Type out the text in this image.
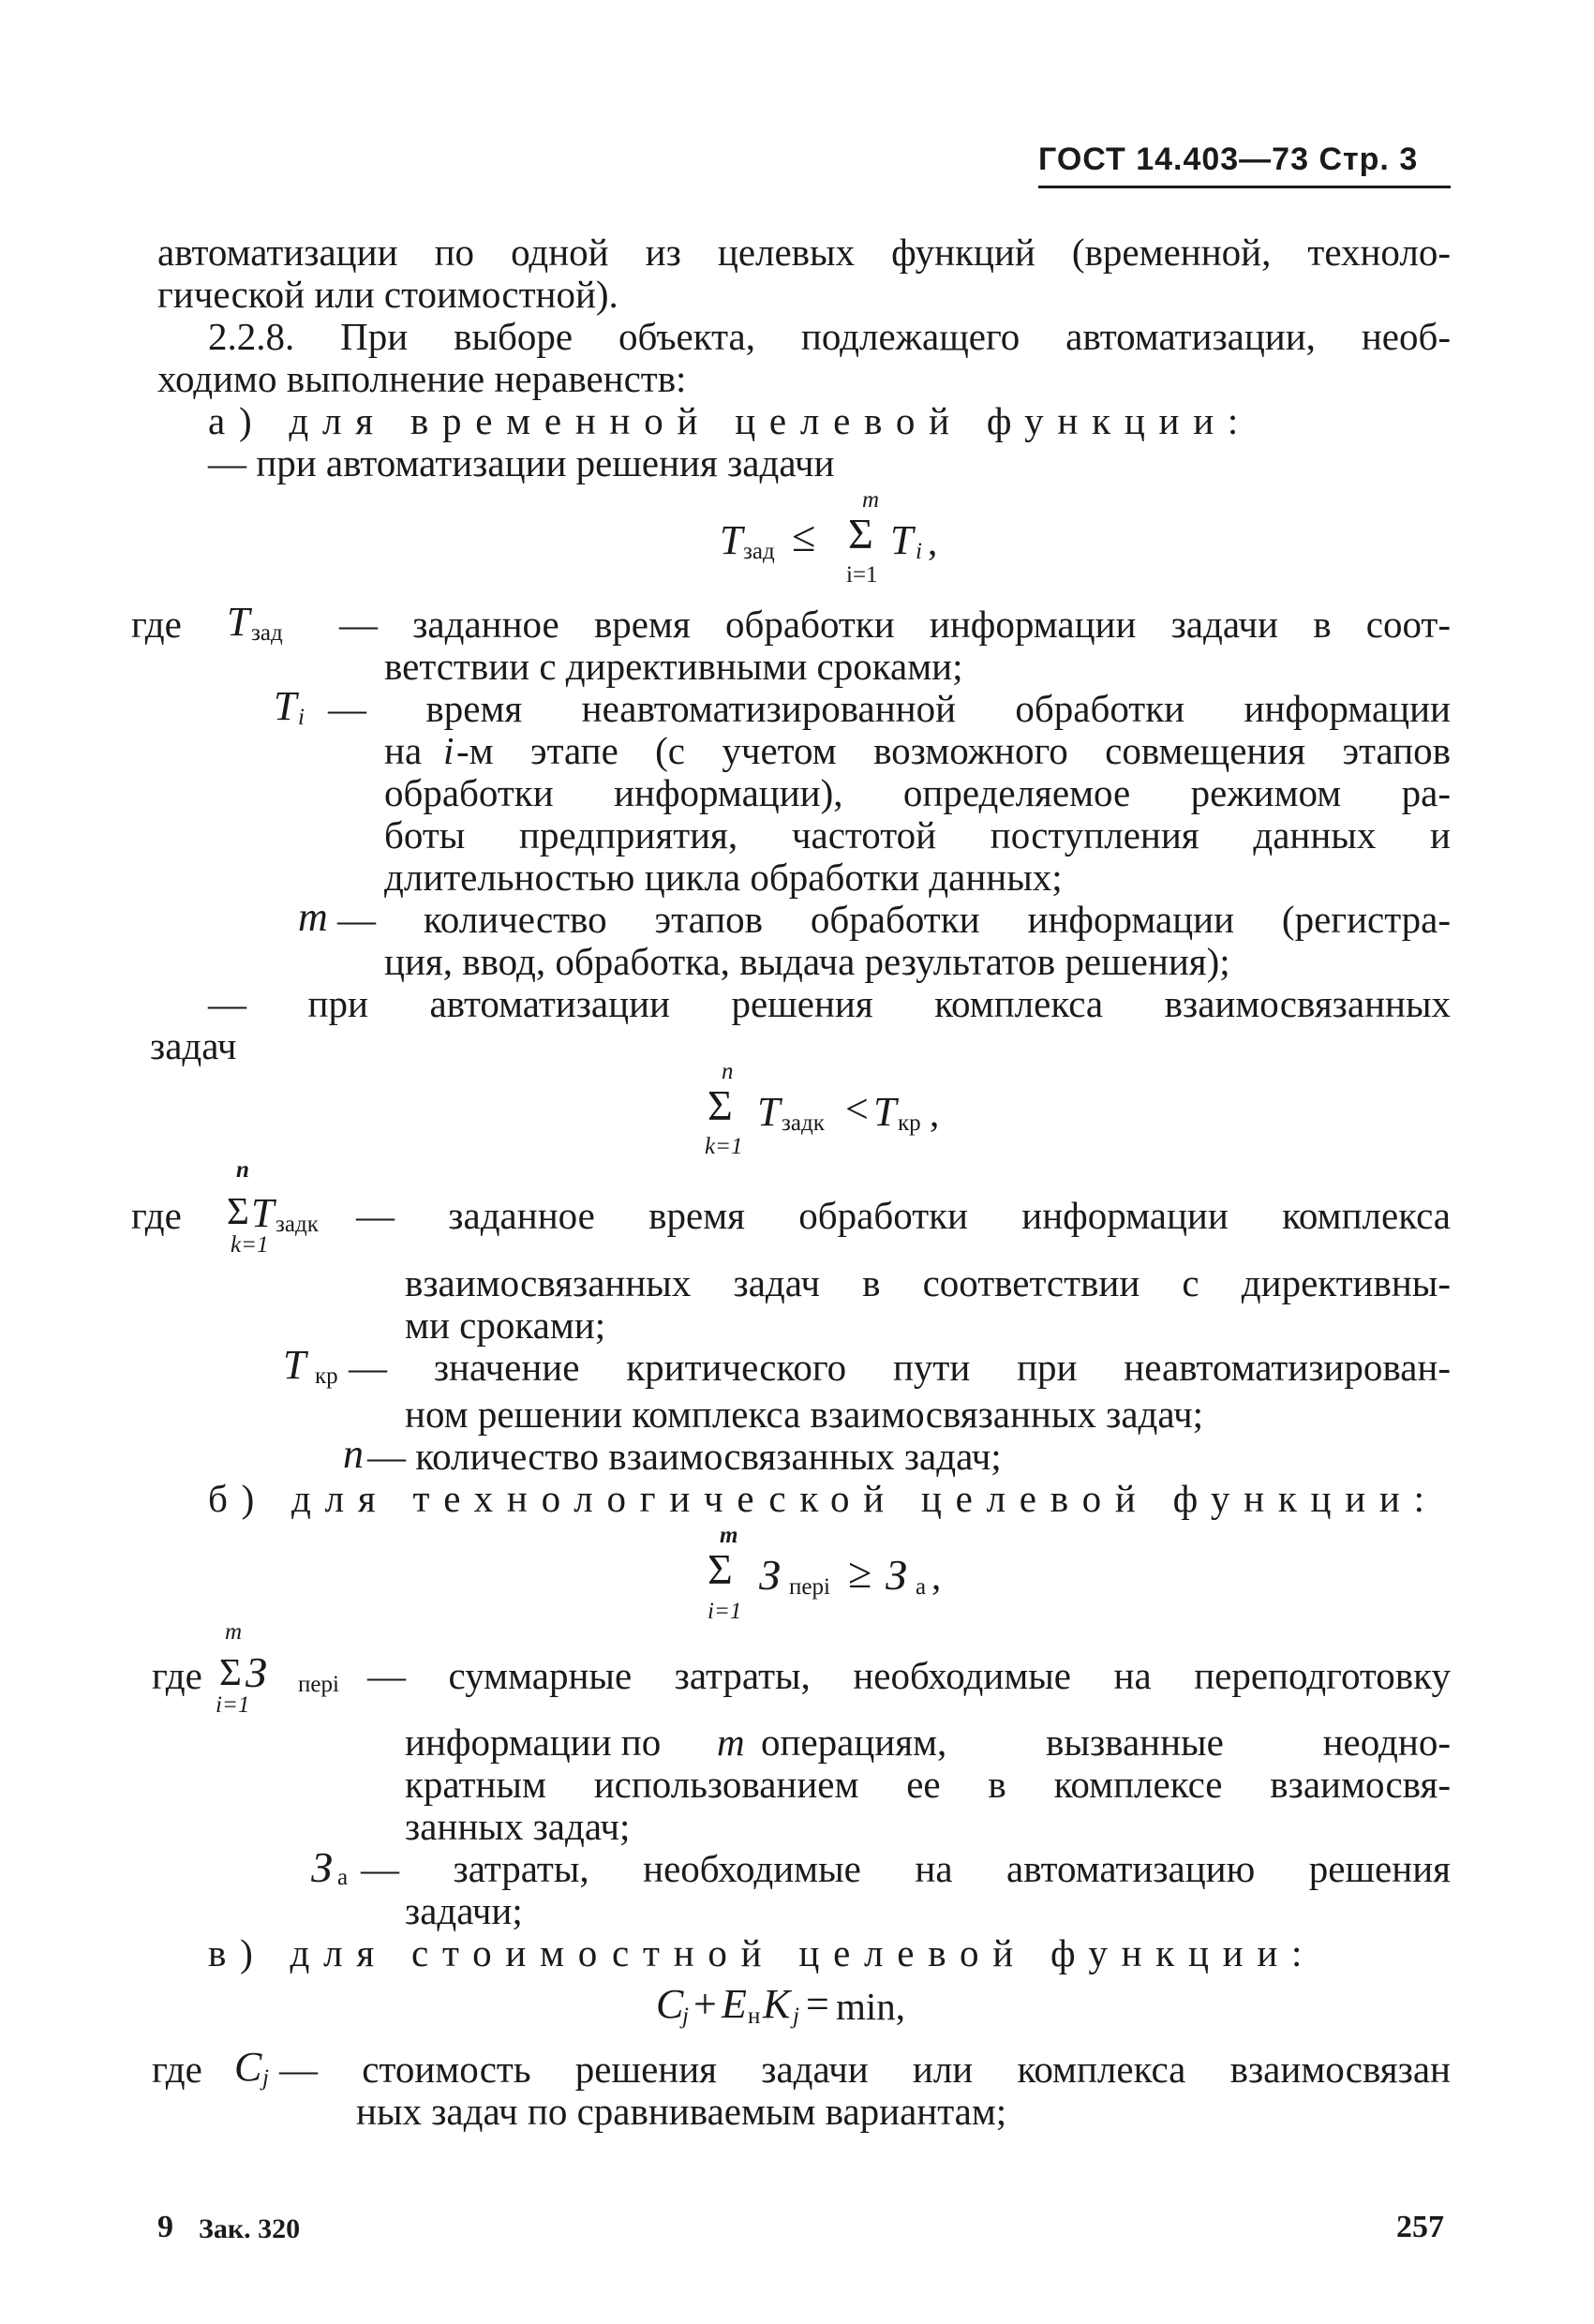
ГОСТ 14.403—73 Стр. 3
автоматизации по одной из целевых функций (временной, техноло-
гической или стоимостной).
2.2.8. При выборе объекта, подлежащего автоматизации, необ-
ходимо выполнение неравенств:
а) для временной целевой функции:
— при автоматизации решения задачи
T зад ≤
m
Σ
i=1
T i ,
где T зад — заданное время обработки информации задачи в соот-
ветствии с директивными сроками;
T i — время неавтоматизированной обработки информации
на i -м этапе (с учетом возможного совмещения этапов
обработки информации), определяемое режимом ра-
боты предприятия, частотой поступления данных и
длительностью цикла обработки данных;
m — количество этапов обработки информации (регистра-
ция, ввод, обработка, выдача результатов решения);
— при автоматизации решения комплекса взаимосвязанных
задач
n
Σ
k=1
T задк < T кр ,
где
n
Σ T задк
k=1
— заданное время обработки информации комплекса
взаимосвязанных задач в соответствии с директивны-
ми сроками;
T кр — значение критического пути при неавтоматизирован-
ном решении комплекса взаимосвязанных задач;
n — количество взаимосвязанных задач;
б) для технологической целевой функции:
m
Σ
i=1
З перi ≥ З а ,
где
m
Σ З перi
i=1
— суммарные затраты, необходимые на переподготовку
информации по m операциям, вызванные неодно-
кратным использованием ее в комплексе взаимосвя-
занных задач;
З а — затраты, необходимые на автоматизацию решения
задачи;
в) для стоимостной целевой функции:
C
j + E н K j = min,
где C j — стоимость решения задачи или комплекса взаимосвязан
ных задач по сравниваемым вариантам;
9 Зак. 320	257
